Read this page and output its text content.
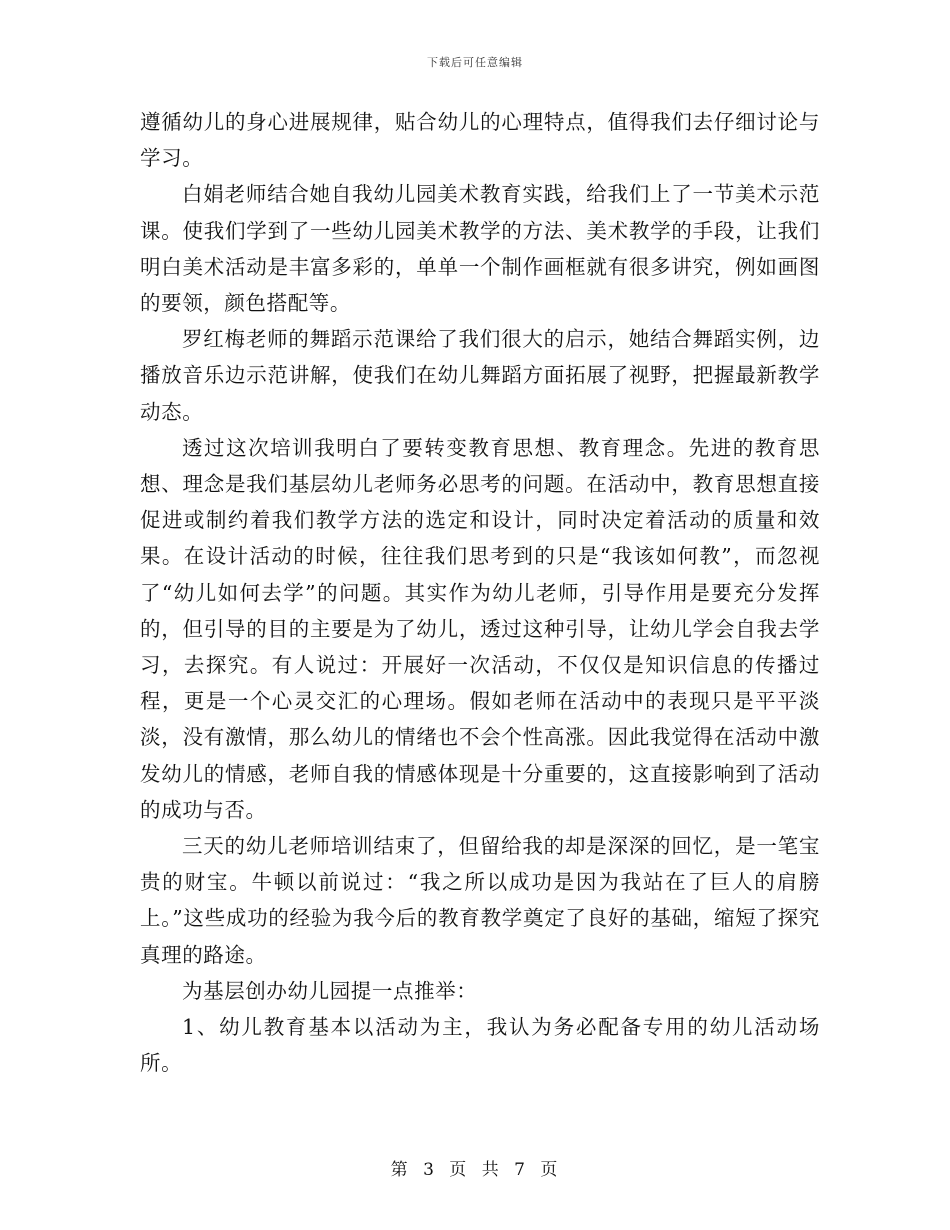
下载后可任意编辑

遵循幼儿的身心进展规律，贴合幼儿的心理特点，值得我们去仔细讨论与学习。

白娟老师结合她自我幼儿园美术教育实践，给我们上了一节美术示范课。使我们学到了一些幼儿园美术教学的方法、美术教学的手段，让我们明白美术活动是丰富多彩的，单单一个制作画框就有很多讲究，例如画图的要领，颜色搭配等。

罗红梅老师的舞蹈示范课给了我们很大的启示，她结合舞蹈实例，边播放音乐边示范讲解，使我们在幼儿舞蹈方面拓展了视野，把握最新教学动态。

透过这次培训我明白了要转变教育思想、教育理念。先进的教育思想、理念是我们基层幼儿老师务必思考的问题。在活动中，教育思想直接促进或制约着我们教学方法的选定和设计，同时决定着活动的质量和效果。在设计活动的时候，往往我们思考到的只是“我该如何教”，而忽视了“幼儿如何去学”的问题。其实作为幼儿老师，引导作用是要充分发挥的，但引导的目的主要是为了幼儿，透过这种引导，让幼儿学会自我去学习，去探究。有人说过：开展好一次活动，不仅仅是知识信息的传播过程，更是一个心灵交汇的心理场。假如老师在活动中的表现只是平平淡淡，没有激情，那么幼儿的情绪也不会个性高涨。因此我觉得在活动中激发幼儿的情感，老师自我的情感体现是十分重要的，这直接影响到了活动的成功与否。

三天的幼儿老师培训结束了，但留给我的却是深深的回忆，是一笔宝贵的财宝。牛顿以前说过：“我之所以成功是因为我站在了巨人的肩膀上。”这些成功的经验为我今后的教育教学奠定了良好的基础，缩短了探究真理的路途。

为基层创办幼儿园提一点推举：

1、幼儿教育基本以活动为主，我认为务必配备专用的幼儿活动场所。

第 3 页 共 7 页
